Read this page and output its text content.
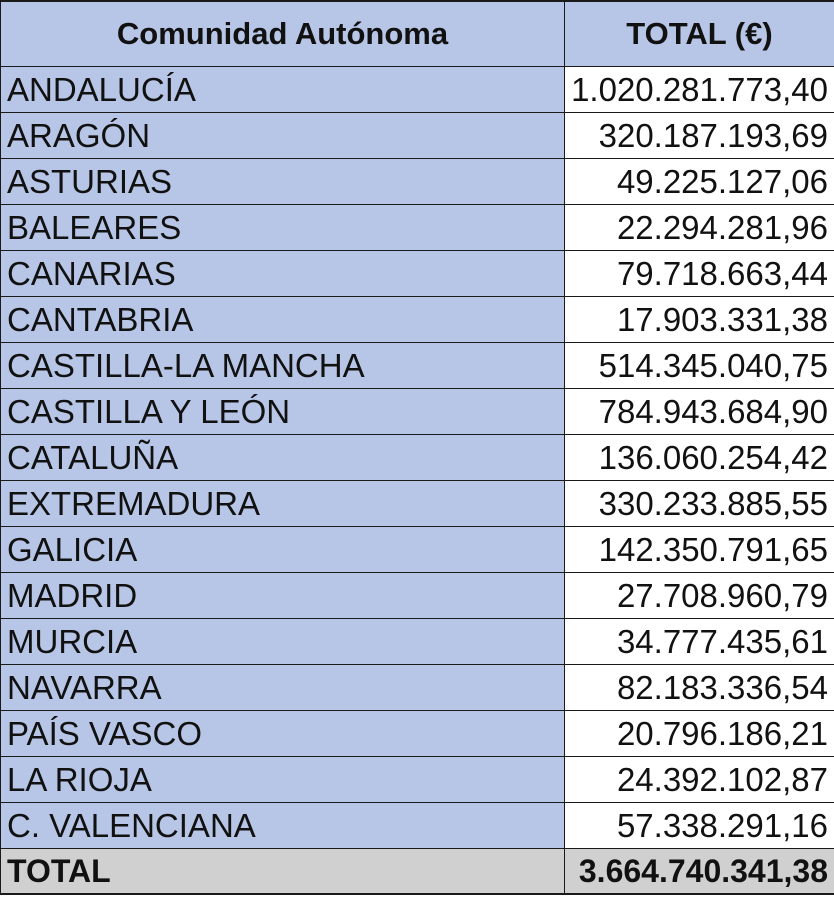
Comunidad Autónoma	TOTAL (€)
ANDALUCÍA	1.020.281.773,40
ARAGÓN	320.187.193,69
ASTURIAS	49.225.127,06
BALEARES	22.294.281,96
CANARIAS	79.718.663,44
CANTABRIA	17.903.331,38
CASTILLA-LA MANCHA	514.345.040,75
CASTILLA Y LEÓN	784.943.684,90
CATALUÑA	136.060.254,42
EXTREMADURA	330.233.885,55
GALICIA	142.350.791,65
MADRID	27.708.960,79
MURCIA	34.777.435,61
NAVARRA	82.183.336,54
PAÍS VASCO	20.796.186,21
LA RIOJA	24.392.102,87
C. VALENCIANA	57.338.291,16
TOTAL	3.664.740.341,38
